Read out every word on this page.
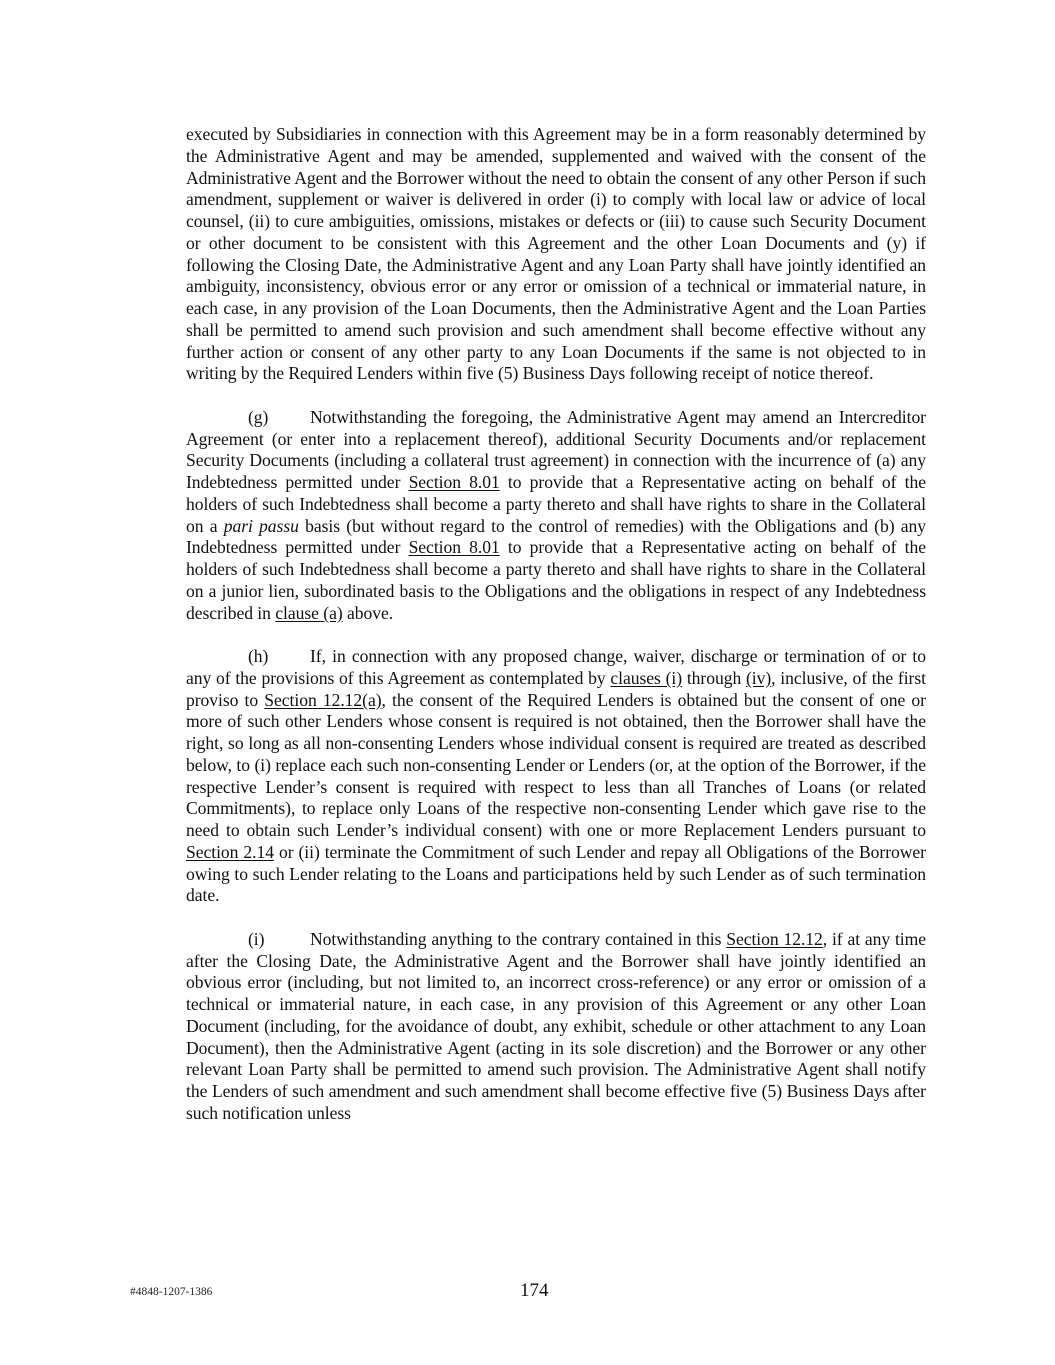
executed by Subsidiaries in connection with this Agreement may be in a form reasonably determined by the Administrative Agent and may be amended, supplemented and waived with the consent of the Administrative Agent and the Borrower without the need to obtain the consent of any other Person if such amendment, supplement or waiver is delivered in order (i) to comply with local law or advice of local counsel, (ii) to cure ambiguities, omissions, mistakes or defects or (iii) to cause such Security Document or other document to be consistent with this Agreement and the other Loan Documents and (y) if following the Closing Date, the Administrative Agent and any Loan Party shall have jointly identified an ambiguity, inconsistency, obvious error or any error or omission of a technical or immaterial nature, in each case, in any provision of the Loan Documents, then the Administrative Agent and the Loan Parties shall be permitted to amend such provision and such amendment shall become effective without any further action or consent of any other party to any Loan Documents if the same is not objected to in writing by the Required Lenders within five (5) Business Days following receipt of notice thereof.

(g) Notwithstanding the foregoing, the Administrative Agent may amend an Intercreditor Agreement (or enter into a replacement thereof), additional Security Documents and/or replacement Security Documents (including a collateral trust agreement) in connection with the incurrence of (a) any Indebtedness permitted under Section 8.01 to provide that a Representative acting on behalf of the holders of such Indebtedness shall become a party thereto and shall have rights to share in the Collateral on a pari passu basis (but without regard to the control of remedies) with the Obligations and (b) any Indebtedness permitted under Section 8.01 to provide that a Representative acting on behalf of the holders of such Indebtedness shall become a party thereto and shall have rights to share in the Collateral on a junior lien, subordinated basis to the Obligations and the obligations in respect of any Indebtedness described in clause (a) above.

(h) If, in connection with any proposed change, waiver, discharge or termination of or to any of the provisions of this Agreement as contemplated by clauses (i) through (iv), inclusive, of the first proviso to Section 12.12(a), the consent of the Required Lenders is obtained but the consent of one or more of such other Lenders whose consent is required is not obtained, then the Borrower shall have the right, so long as all non-consenting Lenders whose individual consent is required are treated as described below, to (i) replace each such non-consenting Lender or Lenders (or, at the option of the Borrower, if the respective Lender’s consent is required with respect to less than all Tranches of Loans (or related Commitments), to replace only Loans of the respective non-consenting Lender which gave rise to the need to obtain such Lender’s individual consent) with one or more Replacement Lenders pursuant to Section 2.14 or (ii) terminate the Commitment of such Lender and repay all Obligations of the Borrower owing to such Lender relating to the Loans and participations held by such Lender as of such termination date.

(i)	Notwithstanding anything to the contrary contained in this Section 12.12, if at any time after the Closing Date, the Administrative Agent and the Borrower shall have jointly identified an obvious error (including, but not limited to, an incorrect cross-reference) or any error or omission of a technical or immaterial nature, in each case, in any provision of this Agreement or any other Loan Document (including, for the avoidance of doubt, any exhibit, schedule or other attachment to any Loan Document), then the Administrative Agent (acting in its sole discretion) and the Borrower or any other relevant Loan Party shall be permitted to amend such provision. The Administrative Agent shall notify the Lenders of such amendment and such amendment shall become effective five (5) Business Days after such notification unless

#4848-1207-1386	174
